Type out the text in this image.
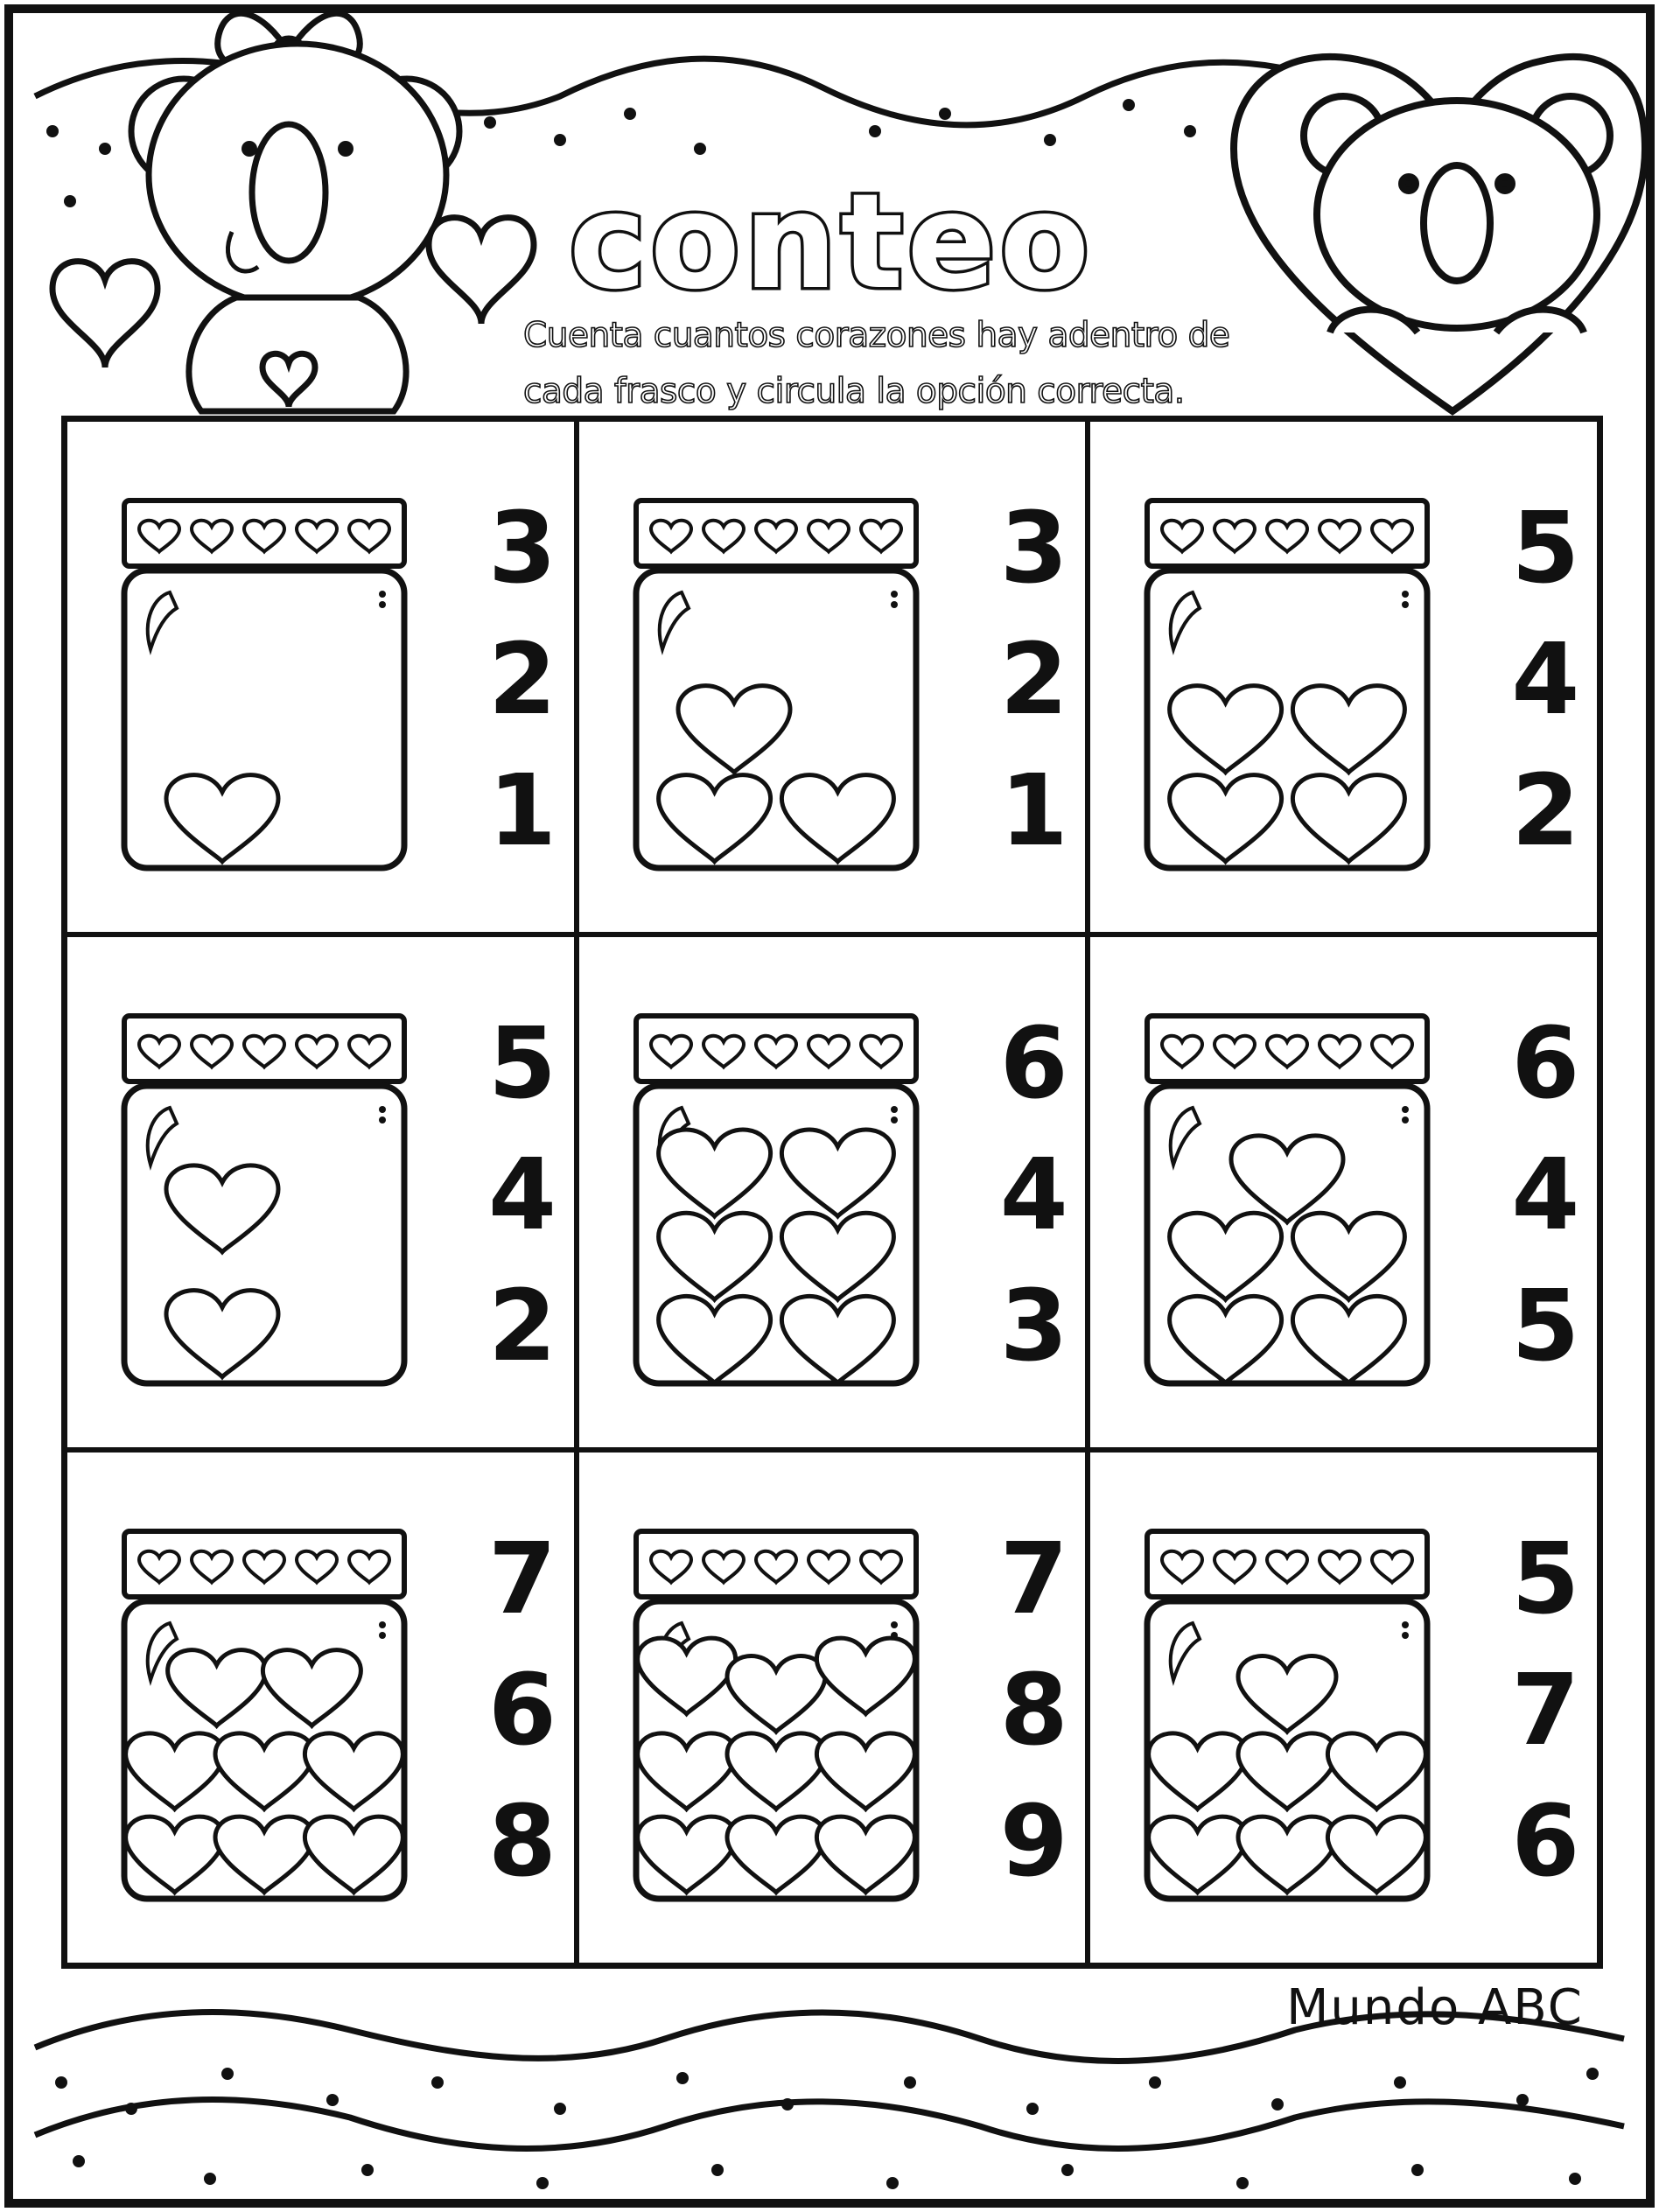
conteo
Cuenta cuantos corazones hay adentro de cada frasco y circula la opción correcta.
3
2
1
3
2
1
5
4
2
5
4
2
6
4
3
6
4
5
7
6
8
7
8
9
5
7
6
Mundo ABC
